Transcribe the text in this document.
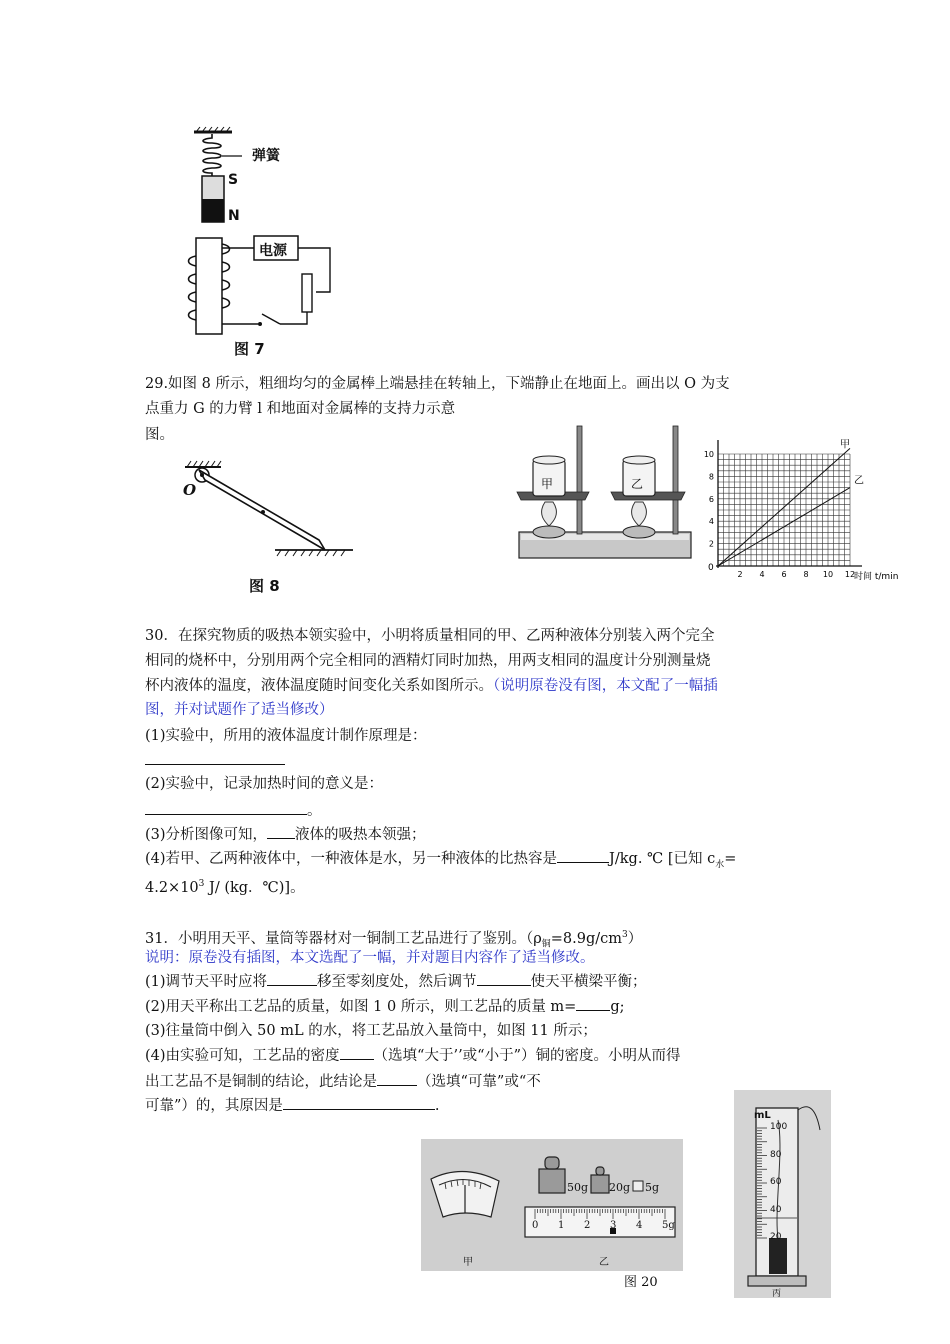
弹簧
S
N
电源
图 7
29.如图 8 所示，粗细均匀的金属棒上端悬挂在转轴上，下端静止在地面上。画出以 O 为支
点重力 G 的力臂 l 和地面对金属棒的支持力示意
图。
O
图 8
甲	乙
10
8
6
4
2
0
2 4 6 8 10 12
时间 t/min
甲
乙
30．在探究物质的吸热本领实验中，小明将质量相同的甲、乙两种液体分别装入两个完全
相同的烧杯中，分别用两个完全相同的酒精灯同时加热，用两支相同的温度计分别测量烧
杯内液体的温度，液体温度随时间变化关系如图所示。（说明原卷没有图，本文配了一幅插
图，并对试题作了适当修改）
(1)实验中，所用的液体温度计制作原理是：
(2)实验中，记录加热时间的意义是：
。
(3)分析图像可知， 液体的吸热本领强；
(4)若甲、乙两种液体中，一种液体是水，另一种液体的比热容是	J/kg. ℃ [已知 $c_水=$
$4.2\times 10^3$ J/ (kg．℃)]。
31．小明用天平、量筒等器材对一铜制工艺品进行了鉴别。$(\rho_铜=8.9g/cm^3)$
说明：原卷没有插图，本文选配了一幅，并对题目内容作了适当修改。
(1)调节天平时应将	移至零刻度处，然后调节	使天平横梁平衡；
(2)用天平称出工艺品的质量，如图 1 0 所示，则工艺品的质量 m= g;
(3)往量筒中倒入 50 mL 的水，将工艺品放入量筒中，如图 11 所示；
(4)由实验可知，工艺品的密度 （选填“大于’’或“小于”）铜的密度。小明从而得
出工艺品不是铜制的结论，此结论是	（选填“可靠”或“不
可靠”）的，其原因是	.
50g 20g 5g
0 1 2 3 4 5g
甲	乙
图 20
mL
100
80
60
40
20
丙
